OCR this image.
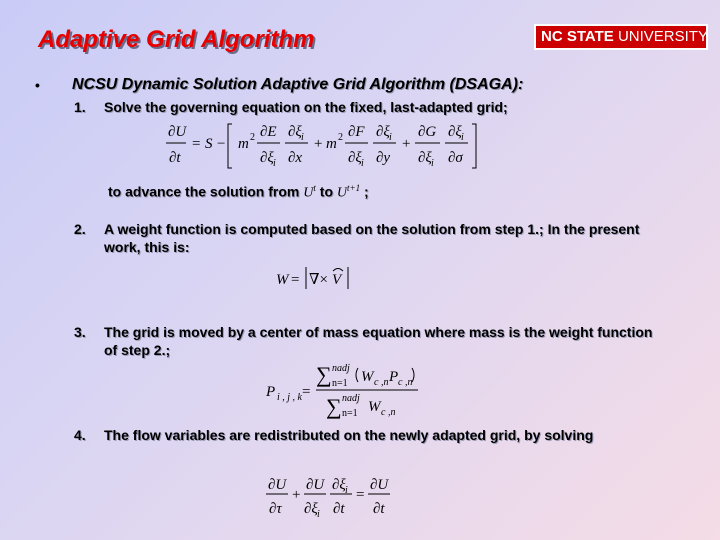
Adaptive Grid Algorithm	NC STATE UNIVERSITY
• NCSU Dynamic Solution Adaptive Grid Algorithm (DSAGA):
1. Solve the governing equation on the fixed, last-adapted grid;
∂U
∂t
= S − m 2 ∂E
∂ξ i
∂ξ i
∂x
+ m 2 ∂F
∂ξ i
∂ξ i
∂y
+
∂G
∂ξ i
∂ξ i
∂σ
to advance the solution from $U^t$ to $U^{t+1}$ ;
2. A weight function is computed based on the solution from step 1.; In the present work, this is:
W = ∇× V
3. The grid is moved by a center of mass equation where mass is the weight function of step 2.;
P i , j , k =
∑ nadj
n=1 W c ,n P c ,n
∑ nadj
n=1 W c ,n
4. The flow variables are redistributed on the newly adapted grid, by solving
∂U
∂τ
+
∂U
∂ξ i
∂ξ i
∂t
=
∂U
∂t
